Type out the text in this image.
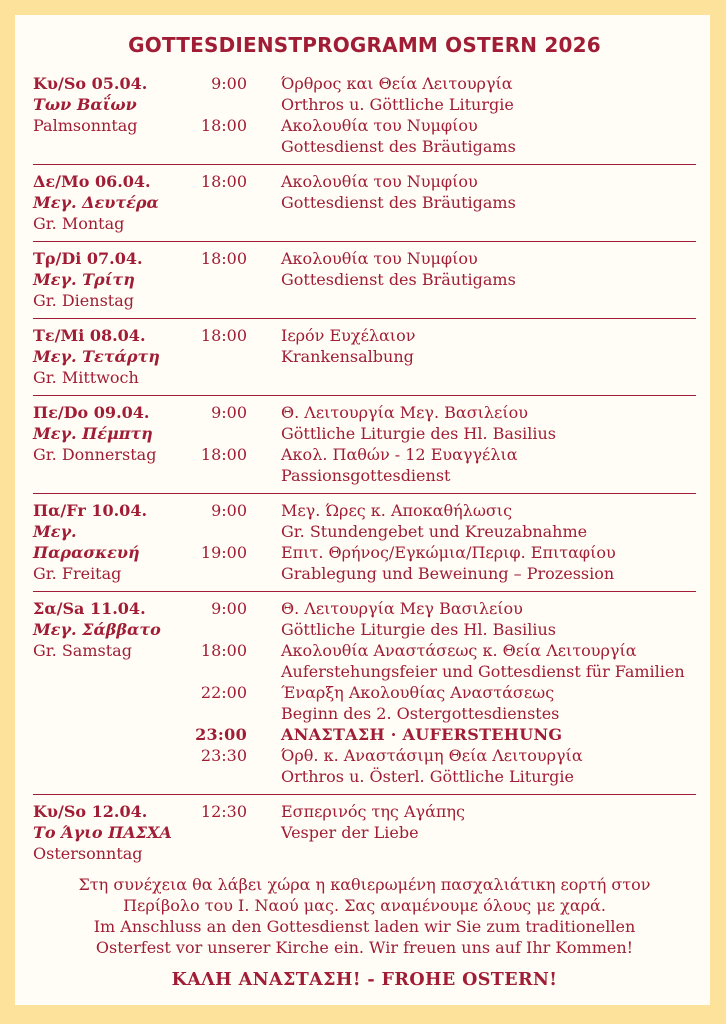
GOTTESDIENSTPROGRAMM OSTERN 2026
Κυ/So 05.04.
Των Βαΐων
Palmsonntag
9:00 Όρθρος και Θεία Λειτουργία
Orthros u. Göttliche Liturgie
18:00 Ακολουθία του Νυμφίου
Gottesdienst des Bräutigams
Δε/Mo 06.04.
Μεγ. Δευτέρα
Gr. Montag
18:00 Ακολουθία του Νυμφίου
Gottesdienst des Bräutigams
Τρ/Di 07.04.
Μεγ. Τρίτη
Gr. Dienstag
18:00 Ακολουθία του Νυμφίου
Gottesdienst des Bräutigams
Τε/Mi 08.04.
Μεγ. Τετάρτη
Gr. Mittwoch
18:00 Ιερόν Ευχέλαιον
Krankensalbung
Πε/Do 09.04.
Μεγ. Πέμπτη
Gr. Donnerstag
9:00 Θ. Λειτουργία Μεγ. Βασιλείου
Göttliche Liturgie des Hl. Basilius
18:00 Ακολ. Παθών - 12 Ευαγγέλια
Passionsgottesdienst
Πα/Fr 10.04.
Μεγ. Παρασκευή
Gr. Freitag
9:00 Μεγ. Ώρες κ. Αποκαθήλωσις
Gr. Stundengebet und Kreuzabnahme
19:00 Επιτ. Θρήνος/Εγκώμια/Περιφ. Επιταφίου
Grablegung und Beweinung – Prozession
Σα/Sa 11.04.
Μεγ. Σάββατο
Gr. Samstag
9:00 Θ. Λειτουργία Μεγ Βασιλείου
Göttliche Liturgie des Hl. Basilius
18:00 Ακολουθία Αναστάσεως κ. Θεία Λειτουργία
Auferstehungsfeier und Gottesdienst für Familien
22:00 Έναρξη Ακολουθίας Αναστάσεως
Beginn des 2. Ostergottesdienstes
23:00 ΑΝΑΣΤΑΣΗ · AUFERSTEHUNG
23:30 Όρθ. κ. Αναστάσιμη Θεία Λειτουργία
Orthros u. Österl. Göttliche Liturgie
Κυ/So 12.04.
Το Άγιο ΠΑΣΧΑ
Ostersonntag
12:30 Εσπερινός της Αγάπης
Vesper der Liebe
Στη συνέχεια θα λάβει χώρα η καθιερωμένη πασχαλιάτικη εορτή στον
Περίβολο του Ι. Ναού μας. Σας αναμένουμε όλους με χαρά.
Im Anschluss an den Gottesdienst laden wir Sie zum traditionellen
Osterfest vor unserer Kirche ein. Wir freuen uns auf Ihr Kommen!
ΚΑΛΗ ΑΝΑΣΤΑΣΗ! - FROHE OSTERN!
